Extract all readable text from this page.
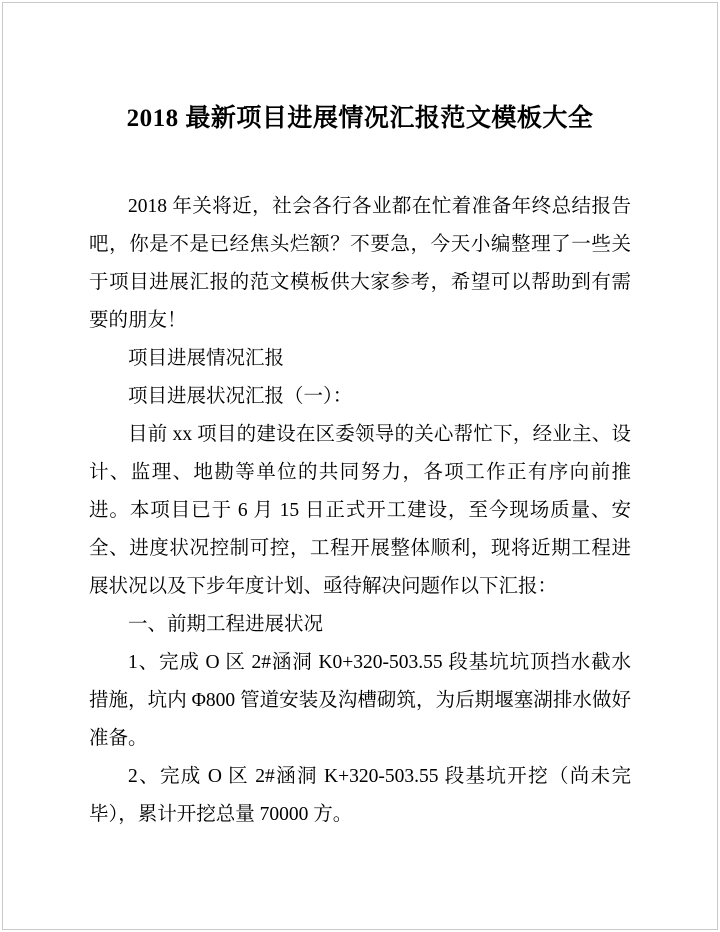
2018 最新项目进展情况汇报范文模板大全

2018 年关将近，社会各行各业都在忙着准备年终总结报告吧，你是不是已经焦头烂额？不要急，今天小编整理了一些关于项目进展汇报的范文模板供大家参考，希望可以帮助到有需要的朋友！

项目进展情况汇报

项目进展状况汇报（一）：

目前 xx 项目的建设在区委领导的关心帮忙下，经业主、设计、监理、地勘等单位的共同努力，各项工作正有序向前推进。本项目已于 6 月 15 日正式开工建设，至今现场质量、安全、进度状况控制可控，工程开展整体顺利，现将近期工程进展状况以及下步年度计划、亟待解决问题作以下汇报：

一、前期工程进展状况

1、完成 O 区 2#涵洞 K0+320-503.55 段基坑坑顶挡水截水措施，坑内 Φ800 管道安装及沟槽砌筑，为后期堰塞湖排水做好准备。

2、完成 O 区 2#涵洞 K+320-503.55 段基坑开挖（尚未完毕），累计开挖总量 70000 方。
